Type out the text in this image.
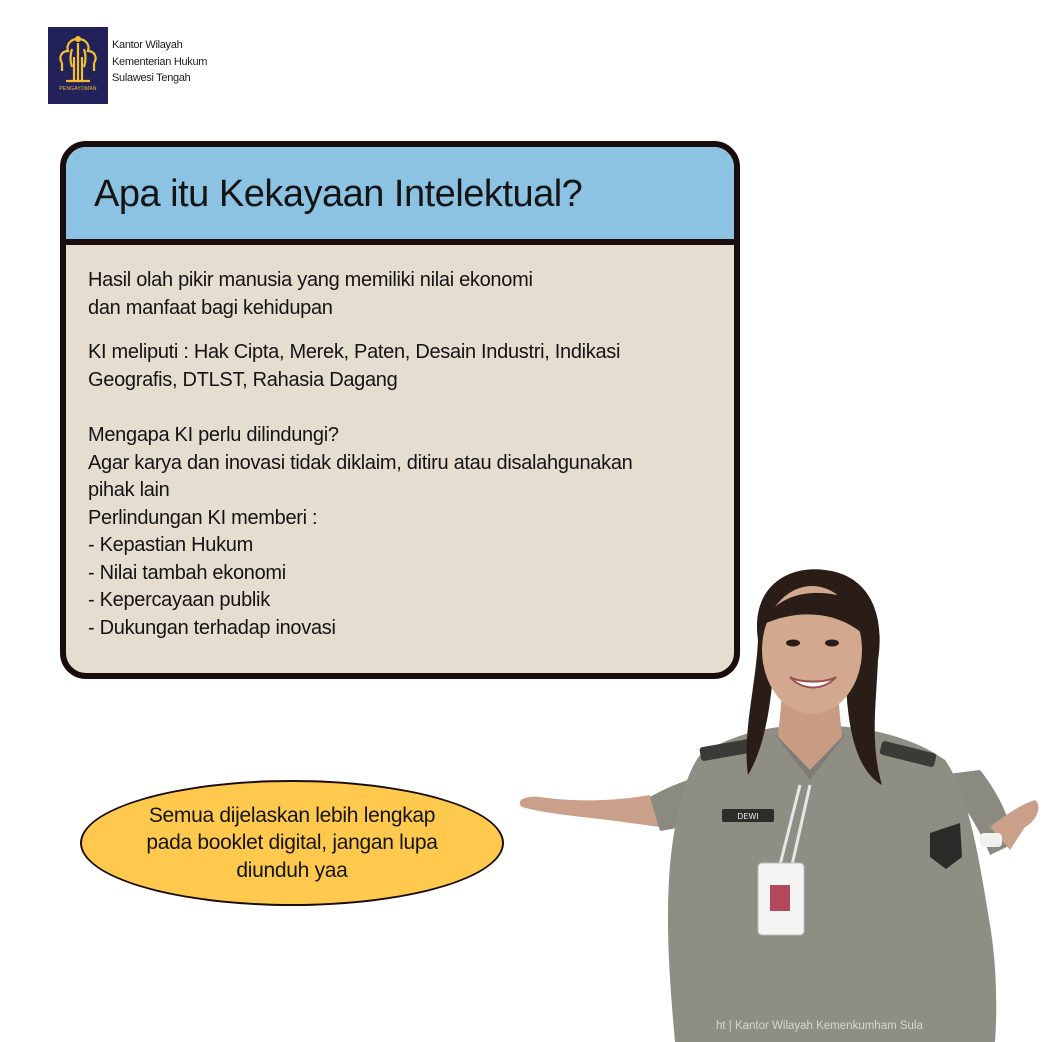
PENGAYOMAN
Kantor Wilayah
Kementerian Hukum
Sulawesi Tengah
Apa itu Kekayaan Intelektual?

Hasil olah pikir manusia yang memiliki nilai ekonomi

dan manfaat bagi kehidupan

KI meliputi : Hak Cipta, Merek, Paten, Desain Industri, Indikasi

Geografis, DTLST, Rahasia Dagang

Mengapa KI perlu dilindungi?

Agar karya dan inovasi tidak diklaim, ditiru atau disalahgunakan

pihak lain

Perlindungan KI memberi :

- Kepastian Hukum

- Nilai tambah ekonomi

- Kepercayaan publik

- Dukungan terhadap inovasi

Semua dijelaskan lebih lengkap
pada booklet digital, jangan lupa
diunduh yaa
DEWI
ht | Kantor Wilayah Kemenkumham Sula
